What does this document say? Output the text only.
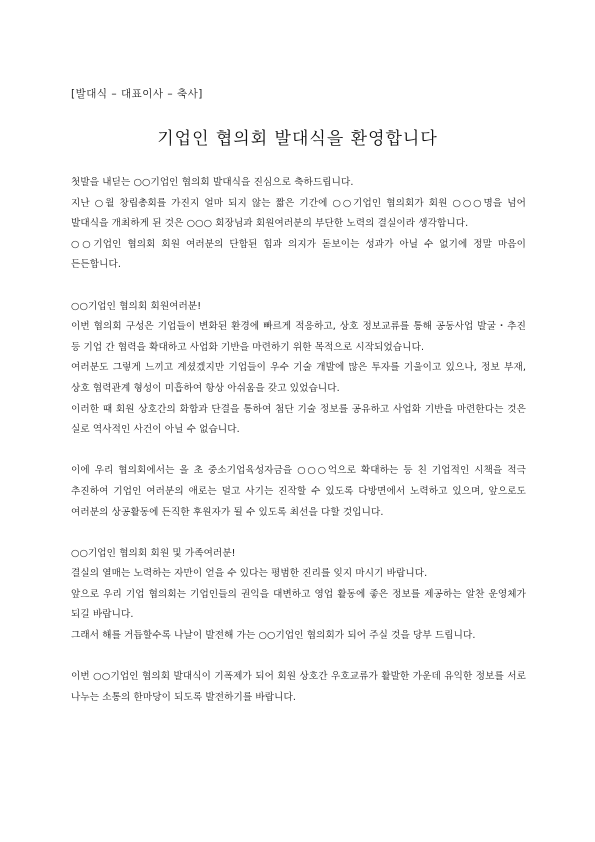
[발대식 – 대표이사 – 축사]
기업인 협의회 발대식을 환영합니다

첫발을 내딛는 ○○기업인 협의회 발대식을 진심으로 축하드립니다.

지난 ○월 창립총회를 가진지 얼마 되지 않는 짧은 기간에 ○○기업인 협의회가 회원 ○○○명을 넘어 발대식을 개최하게 된 것은 ○○○ 회장님과 회원여러분의 부단한 노력의 결실이라 생각합니다.

○○기업인 협의회 회원 여러분의 단합된 힘과 의지가 돋보이는 성과가 아닐 수 없기에 정말 마음이 든든합니다.

○○기업인 협의회 회원여러분!

이번 협의회 구성은 기업들이 변화된 환경에 빠르게 적응하고, 상호 정보교류를 통해 공동사업 발굴・추진 등 기업 간 협력을 확대하고 사업화 기반을 마련하기 위한 목적으로 시작되었습니다.

여러분도 그렇게 느끼고 계셨겠지만 기업들이 우수 기술 개발에 많은 투자를 기울이고 있으나, 정보 부재, 상호 협력관계 형성이 미흡하여 항상 아쉬움을 갖고 있었습니다.

이러한 때 회원 상호간의 화합과 단결을 통하여 첨단 기술 정보를 공유하고 사업화 기반을 마련한다는 것은 실로 역사적인 사건이 아닐 수 없습니다.

이에 우리 협의회에서는 올 초 중소기업육성자금을 ○○○억으로 확대하는 등 친 기업적인 시책을 적극 추진하여 기업인 여러분의 애로는 덜고 사기는 진작할 수 있도록 다방면에서 노력하고 있으며, 앞으로도 여러분의 상공활동에 든직한 후원자가 될 수 있도록 최선을 다할 것입니다.

○○기업인 협의회 회원 및 가족여러분!

결실의 열매는 노력하는 자만이 얻을 수 있다는 평범한 진리를 잊지 마시기 바랍니다.

앞으로 우리 기업 협의회는 기업인들의 권익을 대변하고 영업 활동에 좋은 정보를 제공하는 알찬 운영체가 되길 바랍니다.

그래서 해를 거듭할수록 나날이 발전해 가는 ○○기업인 협의회가 되어 주실 것을 당부 드립니다.

이번 ○○기업인 협의회 발대식이 기폭제가 되어 회원 상호간 우호교류가 활발한 가운데 유익한 정보를 서로 나누는 소통의 한마당이 되도록 발전하기를 바랍니다.
